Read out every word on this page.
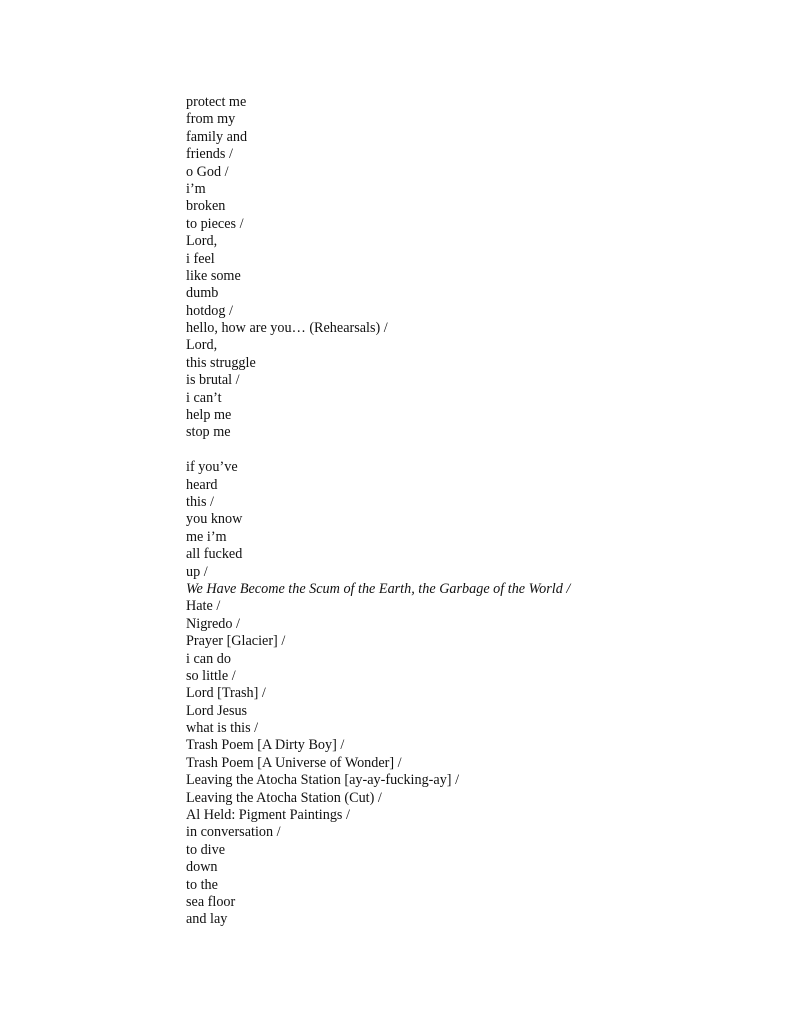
protect me
from my
family and
friends /
o God /
i’m
broken
to pieces /
Lord,
i feel
like some
dumb
hotdog /
hello, how are you… (Rehearsals) /
Lord,
this struggle
is brutal /
i can’t
help me
stop me
if you’ve
heard
this /
you know
me i’m
all fucked
up /
We Have Become the Scum of the Earth, the Garbage of the World /
Hate /
Nigredo /
Prayer [Glacier] /
i can do
so little /
Lord [Trash] /
Lord Jesus
what is this /
Trash Poem [A Dirty Boy] /
Trash Poem [A Universe of Wonder] /
Leaving the Atocha Station [ay-ay-fucking-ay] /
Leaving the Atocha Station (Cut) /
Al Held: Pigment Paintings /
in conversation /
to dive
down
to the
sea floor
and lay
